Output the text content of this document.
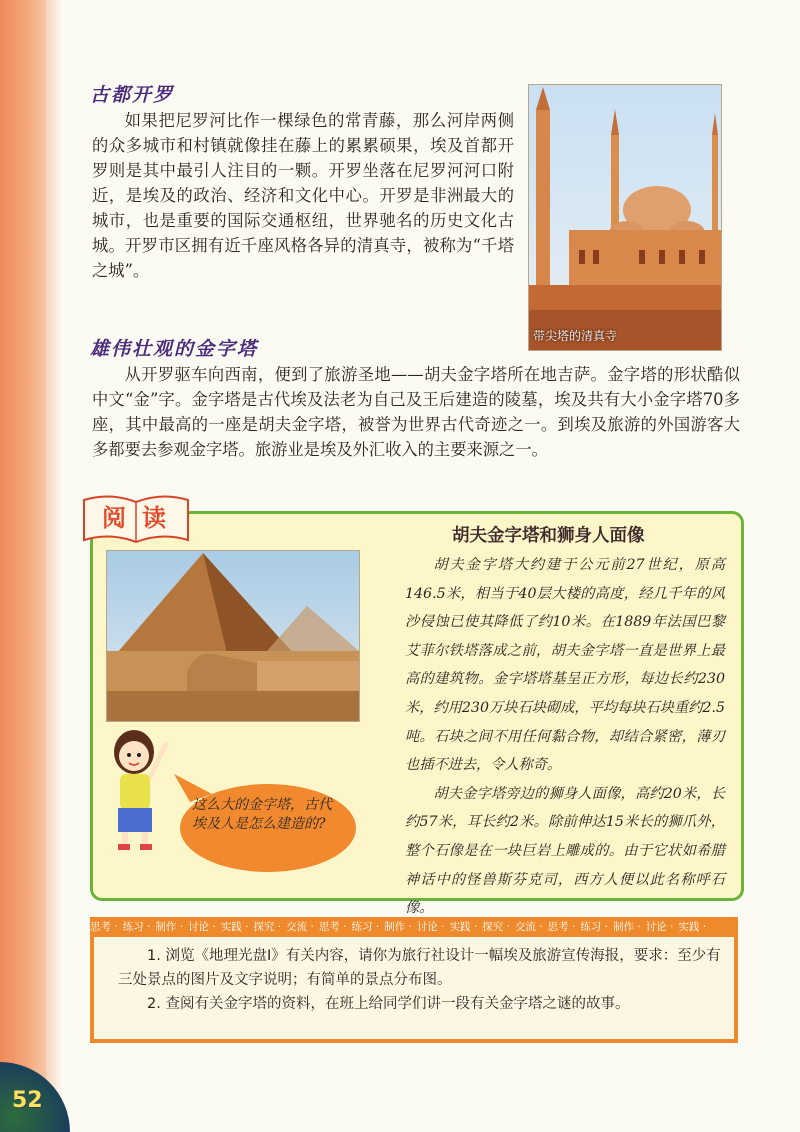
古都开罗

如果把尼罗河比作一棵绿色的常青藤，那么河岸两侧的众多城市和村镇就像挂在藤上的累累硕果，埃及首都开罗则是其中最引人注目的一颗。开罗坐落在尼罗河河口附近，是埃及的政治、经济和文化中心。开罗是非洲最大的城市，也是重要的国际交通枢纽，世界驰名的历史文化古城。开罗市区拥有近千座风格各异的清真寺，被称为“千塔之城”。

带尖塔的清真寺
雄伟壮观的金字塔

从开罗驱车向西南，便到了旅游圣地——胡夫金字塔所在地吉萨。金字塔的形状酷似中文“金”字。金字塔是古代埃及法老为自己及王后建造的陵墓，埃及共有大小金字塔70多座，其中最高的一座是胡夫金字塔，被誉为世界古代奇迹之一。到埃及旅游的外国游客大多都要去参观金字塔。旅游业是埃及外汇收入的主要来源之一。

阅读
胡夫金字塔和狮身人面像

胡夫金字塔大约建于公元前27世纪，原高146.5米，相当于40层大楼的高度，经几千年的风沙侵蚀已使其降低了约10米。在1889年法国巴黎艾菲尔铁塔落成之前，胡夫金字塔一直是世界上最高的建筑物。金字塔塔基呈正方形，每边长约230米，约用230万块石块砌成，平均每块石块重约2.5吨。石块之间不用任何黏合物，却结合紧密，薄刃也插不进去，令人称奇。

胡夫金字塔旁边的狮身人面像，高约20米，长约57米，耳长约2米。除前伸达15米长的狮爪外，整个石像是在一块巨岩上雕成的。由于它状如希腊神话中的怪兽斯芬克司，西方人便以此名称呼石像。

这么大的金字塔，古代埃及人是怎么建造的?
思考 · 练习 · 制作 · 讨论 · 实践 · 探究 · 交流 · 思考 · 练习 · 制作 · 讨论 · 实践 · 探究 · 交流 · 思考 · 练习 · 制作 · 讨论 · 实践 ·

1. 浏览《地理光盘Ⅰ》有关内容，请你为旅行社设计一幅埃及旅游宣传海报，要求：至少有三处景点的图片及文字说明；有简单的景点分布图。

2. 查阅有关金字塔的资料，在班上给同学们讲一段有关金字塔之谜的故事。

52
